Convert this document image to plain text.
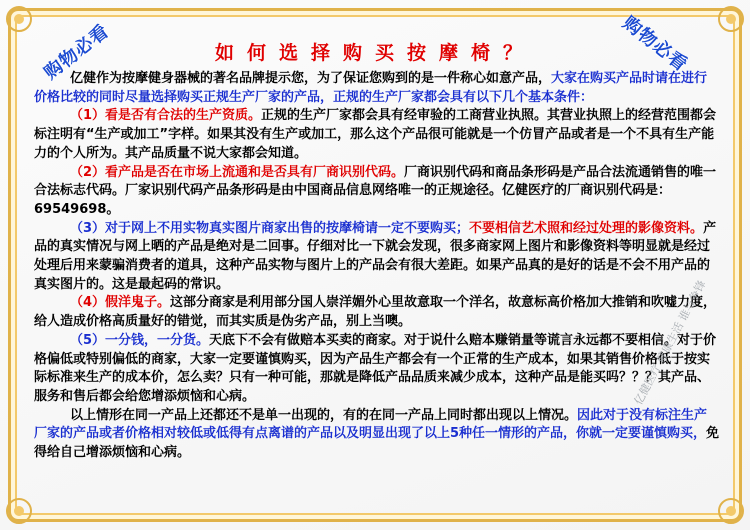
购物必看	购物必看
如何选择购买按摩椅？

亿健作为按摩健身器械的著名品牌提示您，为了保证您购到的是一件称心如意产品，大家在购买产品时请在进行价格比较的同时尽量选择购买正规生产厂家的产品，正规的生产厂家都会具有以下几个基本条件：

（1）看是否有合法的生产资质。正规的生产厂家都会具有经审验的工商营业执照。其营业执照上的经营范围都会标注明有“生产或加工”字样。如果其没有生产或加工，那么这个产品很可能就是一个仿冒产品或者是一个不具有生产能力的个人所为。其产品质量不说大家都会知道。

（2）看产品是否在市场上流通和是否具有厂商识别代码。厂商识别代码和商品条形码是产品合法流通销售的唯一合法标志代码。厂家识别代码产品条形码是由中国商品信息网络唯一的正规途径。亿健医疗的厂商识别代码是：69549698。

（3）对于网上不用实物真实图片商家出售的按摩椅请一定不要购买；不要相信艺术照和经过处理的影像资料。产品的真实情况与网上晒的产品是绝对是二回事。仔细对比一下就会发现，很多商家网上图片和影像资料等明显就是经过处理后用来蒙骗消费者的道具，这种产品实物与图片上的产品会有很大差距。如果产品真的是好的话是不会不用产品的真实图片的。这是最起码的常识。

（4）假洋鬼子。这部分商家是利用部分国人崇洋媚外心里故意取一个洋名，故意标高价格加大推销和吹嘘力度，给人造成价格高质量好的错觉，而其实质是伪劣产品，别上当噢。

（5）一分钱，一分货。天底下不会有做赔本买卖的商家。对于说什么赔本赚销量等谎言永远都不要相信。对于价格偏低或特别偏低的商家，大家一定要谨慎购买，因为产品生产都会有一个正常的生产成本，如果其销售价格低于按实际标准来生产的成本价，怎么卖？只有一种可能，那就是降低产品品质来减少成本，这种产品是能买吗？？？其产品、服务和售后都会给您增添烦恼和心病。

以上情形在同一产品上还都还不是单一出现的，有的在同一产品上同时都出现以上情况。因此对于没有标注生产厂家的产品或者价格相对较低或低得有点离谱的产品以及明显出现了以上5种任一情形的产品，你就一定要谨慎购买，免得给自己增添烦恼和心病。

亿健医疗 健康生活 谁与争锋
